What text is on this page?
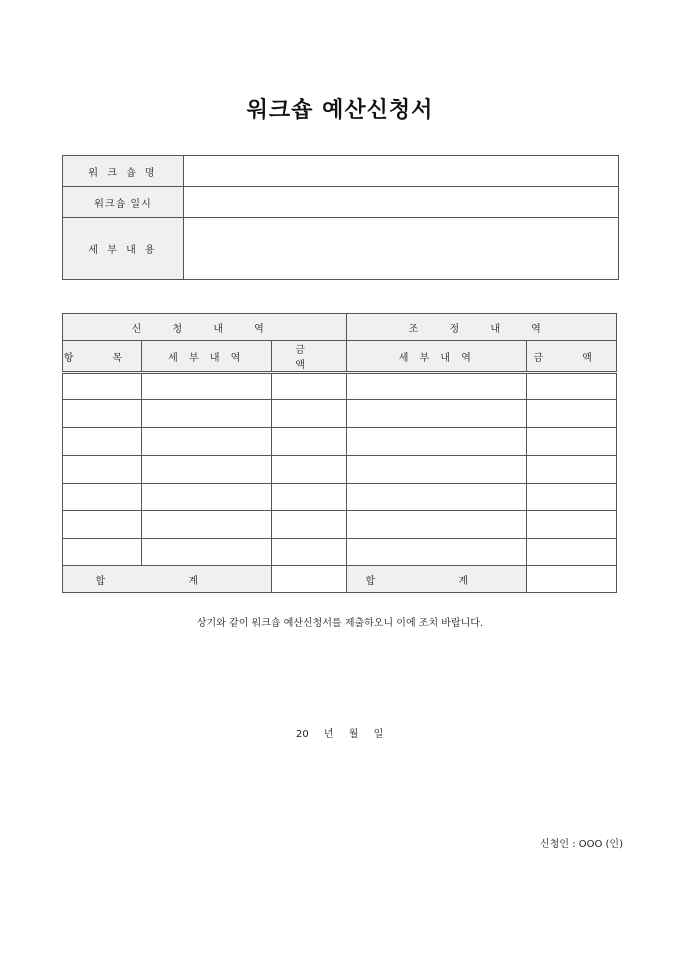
워크숍 예산신청서
워 크 숍 명	
워크숍 일시	
세 부 내 용	
신 청 내 역			조 정 내 역	
항 목	세 부 내 역	금 액	세 부 내 역	금 액

합 계			합 계	
상기와 같이 워크숍 예산신청서를 제출하오니 이에 조치 바랍니다.
20 년 월 일
신청인 : OOO (인)
